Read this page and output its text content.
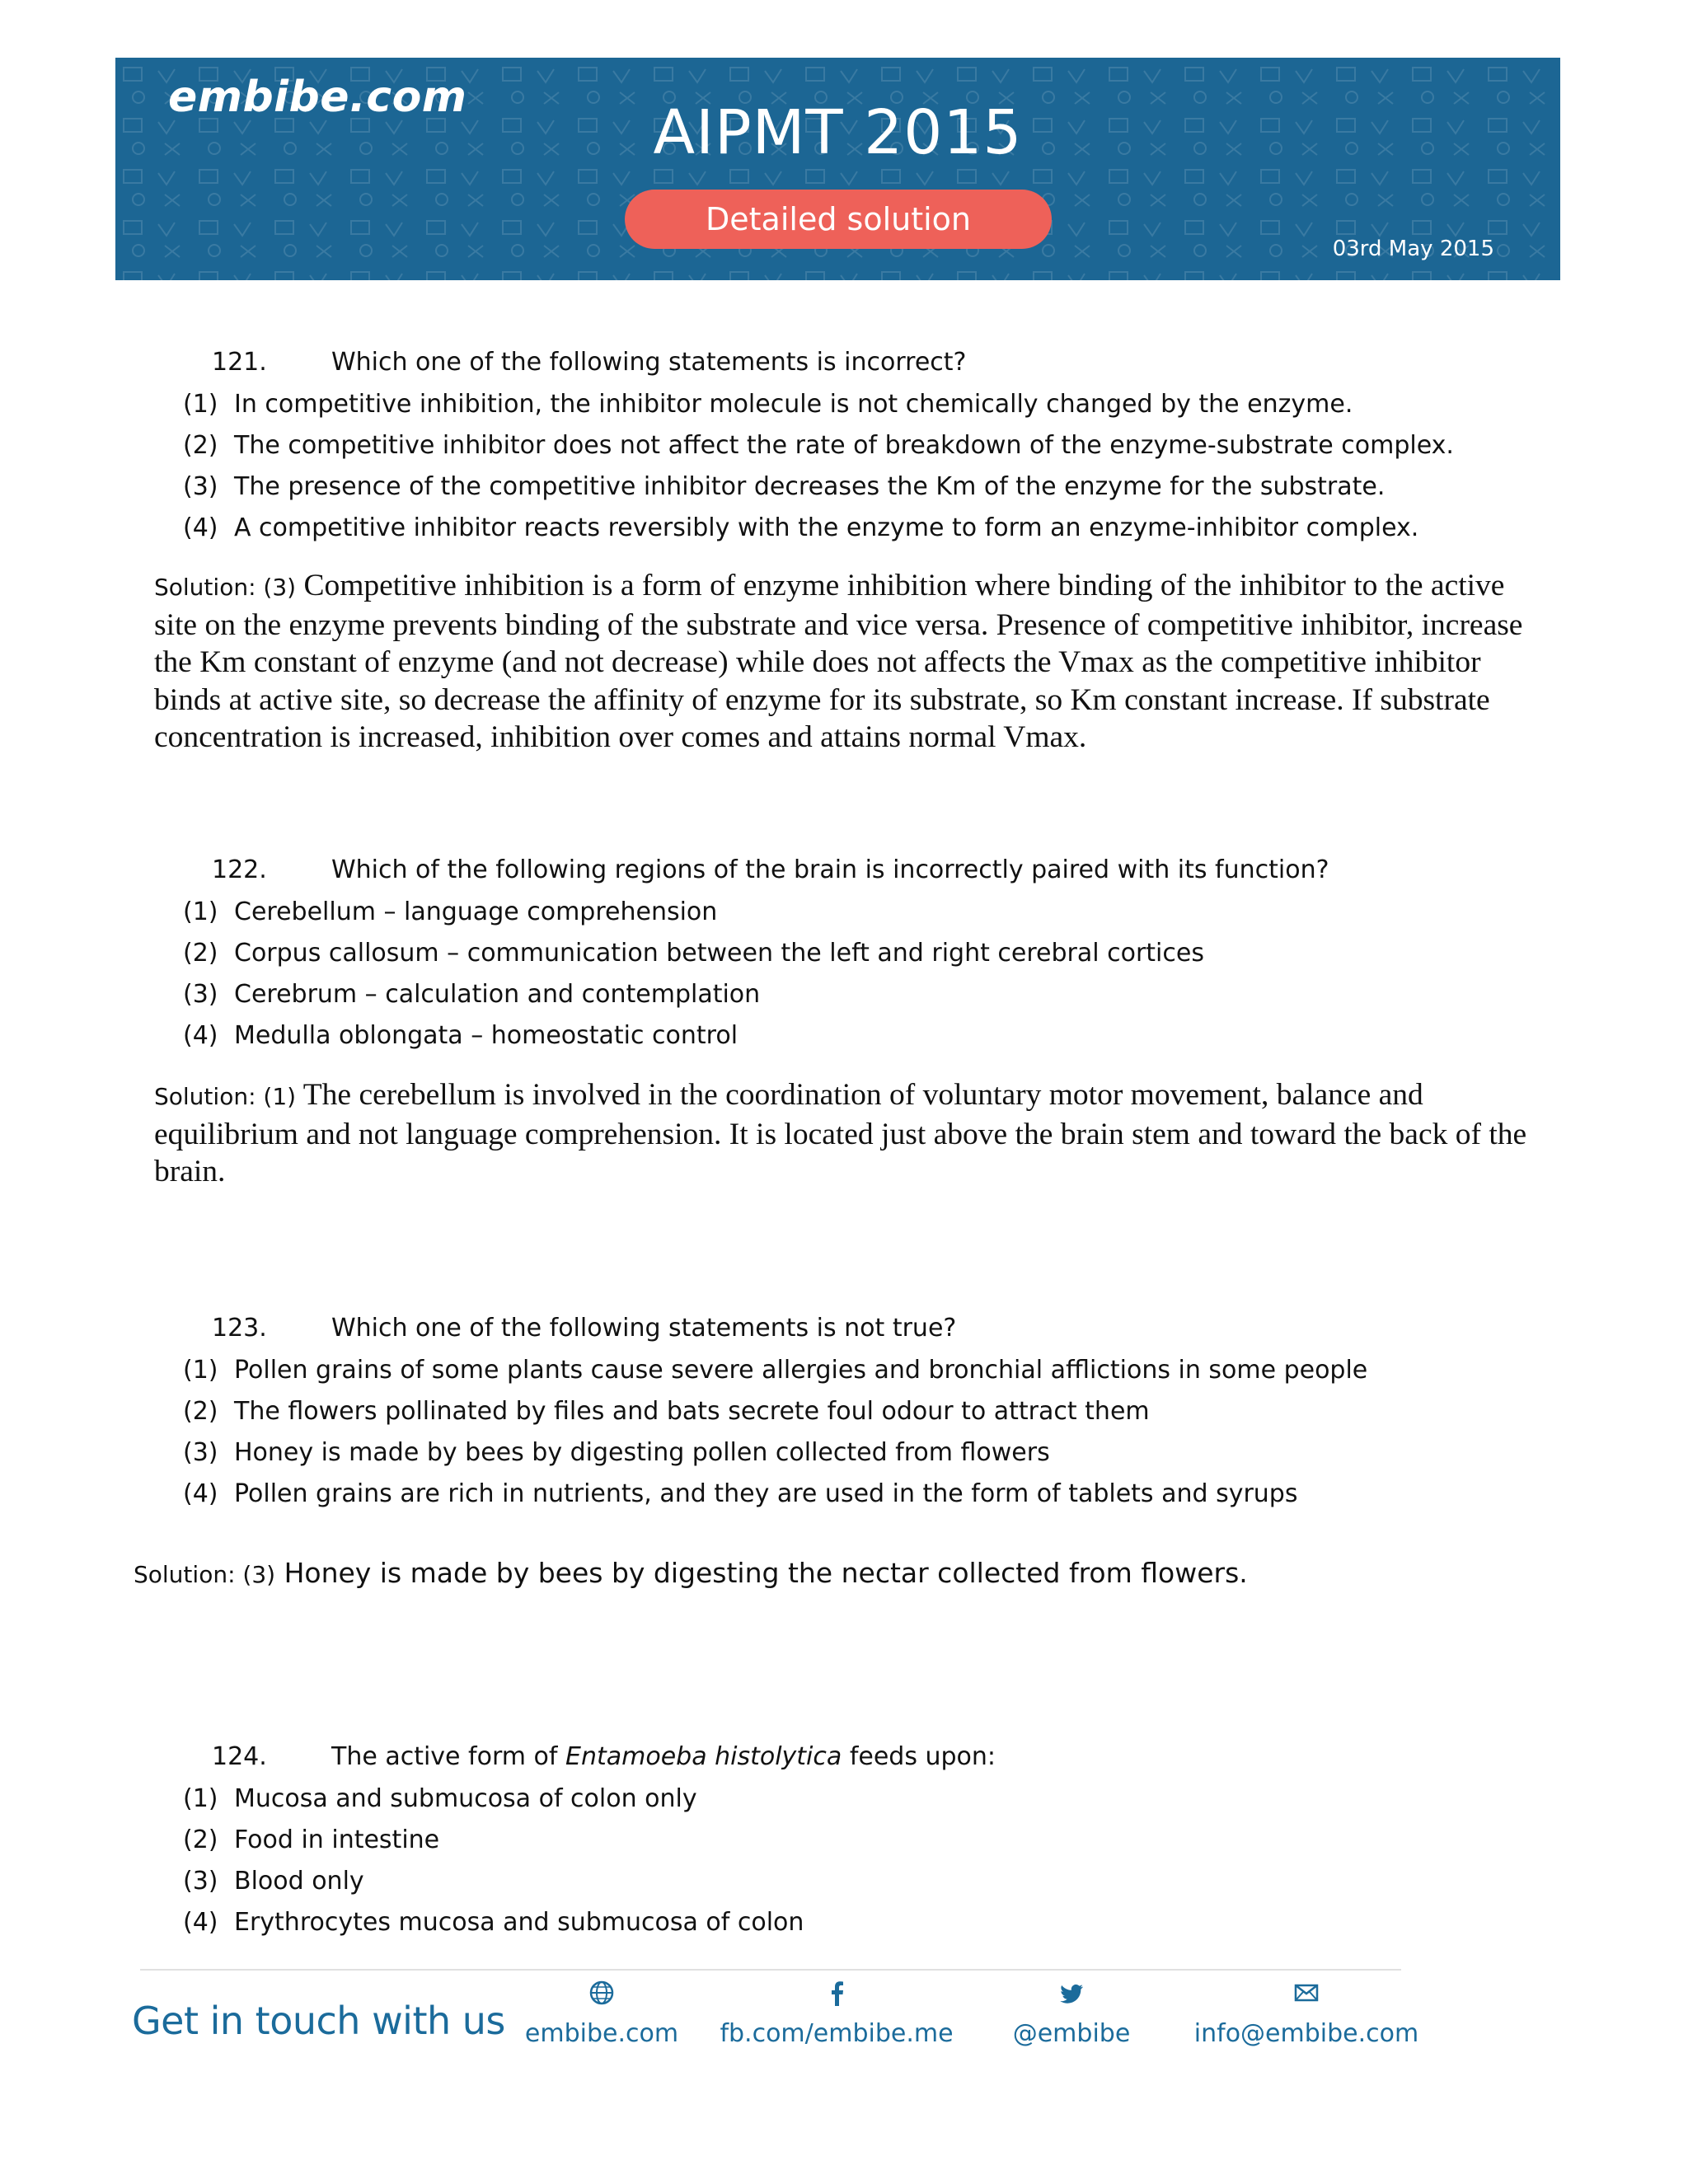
embibe.com	AIPMT 2015
Detailed solution
03rd May 2015
121.	Which one of the following statements is incorrect?
(1) In competitive inhibition, the inhibitor molecule is not chemically changed by the enzyme.
(2) The competitive inhibitor does not affect the rate of breakdown of the enzyme-substrate complex.
(3) The presence of the competitive inhibitor decreases the Km of the enzyme for the substrate.
(4) A competitive inhibitor reacts reversibly with the enzyme to form an enzyme-inhibitor complex.
Solution: (3) Competitive inhibition is a form of enzyme inhibition where binding of the inhibitor to the active site on the enzyme prevents binding of the substrate and vice versa. Presence of competitive inhibitor, increase the Km constant of enzyme (and not decrease) while does not affects the Vmax as the competitive inhibitor binds at active site, so decrease the affinity of enzyme for its substrate, so Km constant increase. If substrate concentration is increased, inhibition over comes and attains normal Vmax.
122.	Which of the following regions of the brain is incorrectly paired with its function?
(1) Cerebellum – language comprehension
(2) Corpus callosum – communication between the left and right cerebral cortices
(3) Cerebrum – calculation and contemplation
(4) Medulla oblongata – homeostatic control
Solution: (1) The cerebellum is involved in the coordination of voluntary motor movement, balance and equilibrium and not language comprehension. It is located just above the brain stem and toward the back of the brain.
123.	Which one of the following statements is not true?
(1) Pollen grains of some plants cause severe allergies and bronchial afflictions in some people
(2) The flowers pollinated by files and bats secrete foul odour to attract them
(3) Honey is made by bees by digesting pollen collected from flowers
(4) Pollen grains are rich in nutrients, and they are used in the form of tablets and syrups
Solution: (3) Honey is made by bees by digesting the nectar collected from flowers.
124.	The active form of Entamoeba histolytica feeds upon:
(1) Mucosa and submucosa of colon only
(2) Food in intestine
(3) Blood only
(4) Erythrocytes mucosa and submucosa of colon
Get in touch with us embibe.com fb.com/embibe.me	@embibe	info@embibe.com
